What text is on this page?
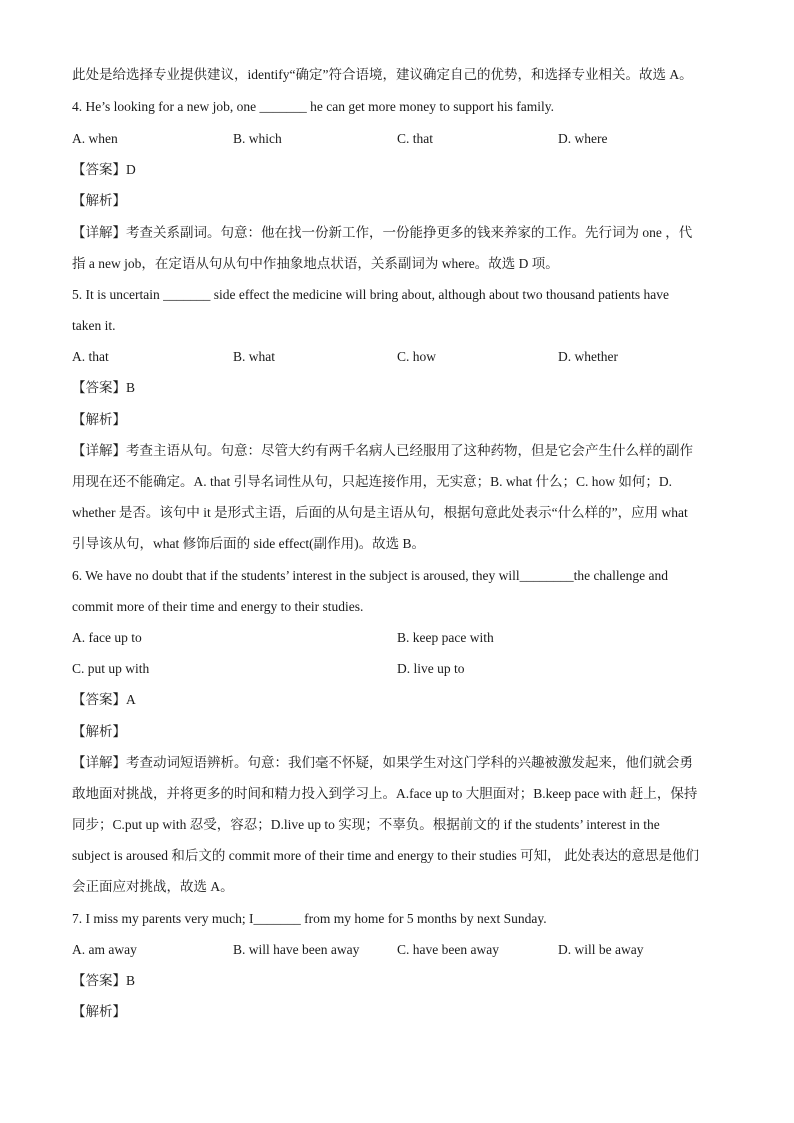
此处是给选择专业提供建议，identify“确定”符合语境，建议确定自己的优势，和选择专业相关。故选 A。
4. He’s looking for a new job, one _______ he can get more money to support his family.
A. when	B. which	C. that	D. where
【答案】D
【解析】
【详解】考查关系副词。句意：他在找一份新工作，一份能挣更多的钱来养家的工作。先行词为 one ，代
指 a new job，在定语从句从句中作抽象地点状语，关系副词为 where。故选 D 项。
5. It is uncertain _______ side effect the medicine will bring about, although about two thousand patients have
taken it.
A. that	B. what	C. how	D. whether
【答案】B
【解析】
【详解】考查主语从句。句意：尽管大约有两千名病人已经服用了这种药物，但是它会产生什么样的副作
用现在还不能确定。A. that 引导名词性从句，只起连接作用，无实意；B. what 什么；C. how 如何；D.
whether 是否。该句中 it 是形式主语，后面的从句是主语从句，根据句意此处表示“什么样的”，应用 what
引导该从句，what 修饰后面的 side effect(副作用)。故选 B。
6. We have no doubt that if the students’ interest in the subject is aroused, they will________the challenge and
commit more of their time and energy to their studies.
A. face up to	B. keep pace with
C. put up with	D. live up to
【答案】A
【解析】
【详解】考查动词短语辨析。句意：我们毫不怀疑，如果学生对这门学科的兴趣被激发起来，他们就会勇
敢地面对挑战，并将更多的时间和精力投入到学习上。A.face up to 大胆面对；B.keep pace with 赶上，保持
同步；C.put up with 忍受，容忍；D.live up to 实现；不辜负。根据前文的 if the students’ interest in the
subject is aroused 和后文的 commit more of their time and energy to their studies 可知， 此处表达的意思是他们
会正面应对挑战，故选 A。
7. I miss my parents very much; I_______ from my home for 5 months by next Sunday.
A. am away	B. will have been away	C. have been away	D. will be away
【答案】B
【解析】
